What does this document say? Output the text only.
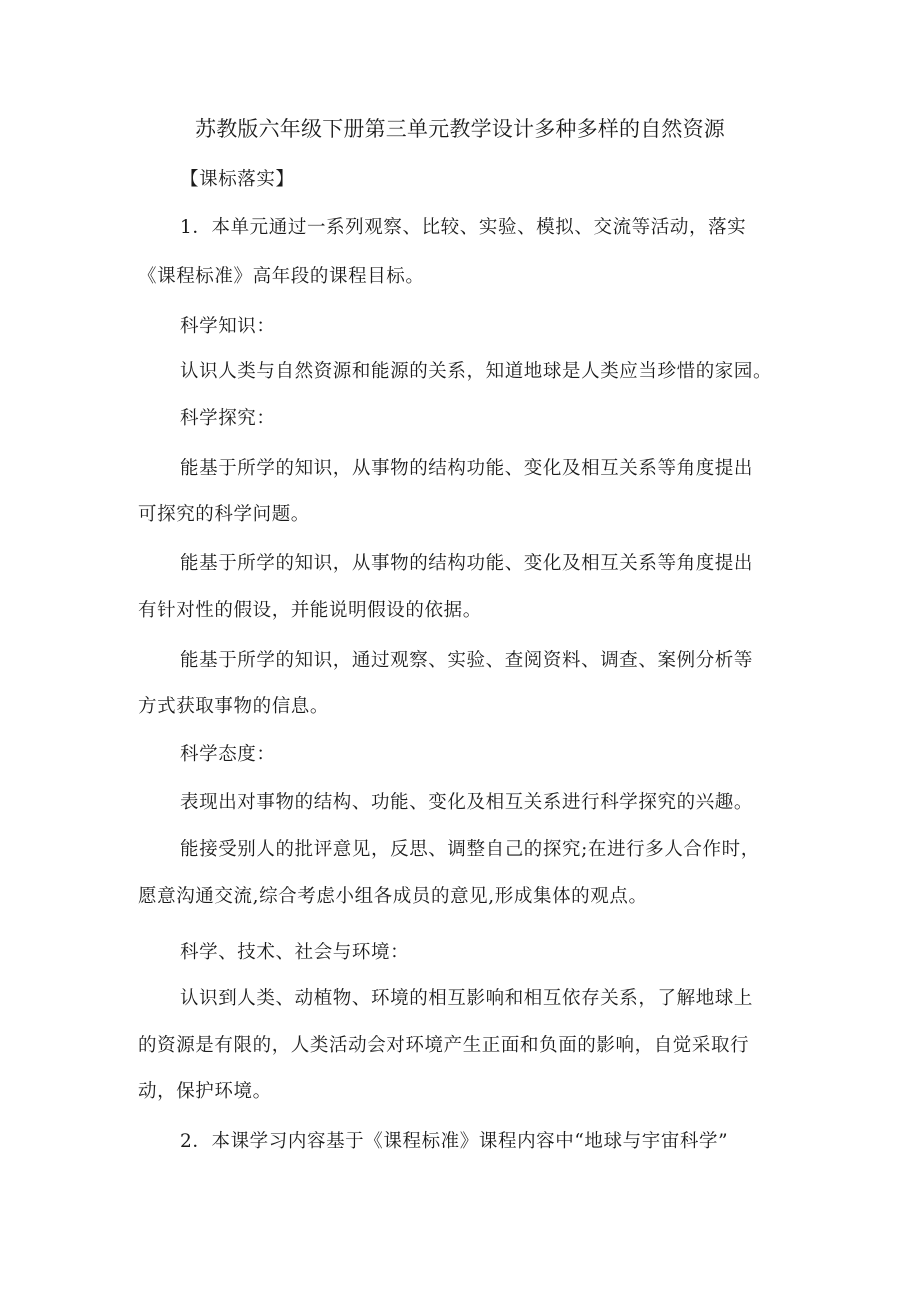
苏教版六年级下册第三单元教学设计多种多样的自然资源
【课标落实】
1．本单元通过一系列观察、比较、实验、模拟、交流等活动，落实
《课程标准》高年段的课程目标。
科学知识：
认识人类与自然资源和能源的关系，知道地球是人类应当珍惜的家园。
科学探究：
能基于所学的知识，从事物的结构功能、变化及相互关系等角度提出
可探究的科学问题。
能基于所学的知识，从事物的结构功能、变化及相互关系等角度提出
有针对性的假设，并能说明假设的依据。
能基于所学的知识，通过观察、实验、查阅资料、调查、案例分析等
方式获取事物的信息。
科学态度：
表现出对事物的结构、功能、变化及相互关系进行科学探究的兴趣。
能接受别人的批评意见，反思、调整自己的探究;在进行多人合作时，
愿意沟通交流,综合考虑小组各成员的意见,形成集体的观点。
科学、技术、社会与环境：
认识到人类、动植物、环境的相互影响和相互依存关系，了解地球上
的资源是有限的，人类活动会对环境产生正面和负面的影响，自觉采取行
动，保护环境。
2．本课学习内容基于《课程标准》课程内容中“地球与宇宙科学”
